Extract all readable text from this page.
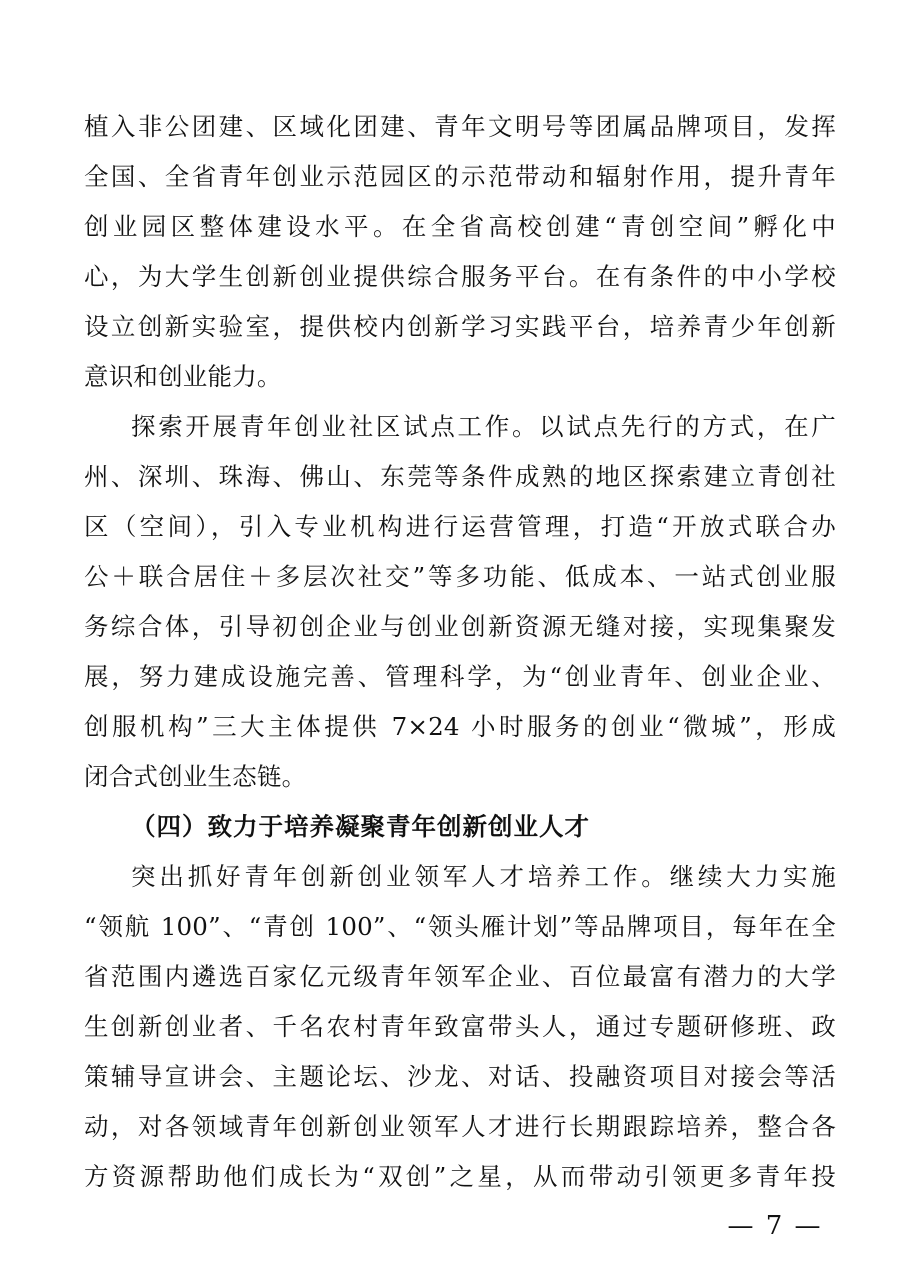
植入非公团建、区域化团建、青年文明号等团属品牌项目，发挥
全国、全省青年创业示范园区的示范带动和辐射作用，提升青年
创业园区整体建设水平。在全省高校创建“青创空间”孵化中
心，为大学生创新创业提供综合服务平台。在有条件的中小学校
设立创新实验室，提供校内创新学习实践平台，培养青少年创新
意识和创业能力。
探索开展青年创业社区试点工作。以试点先行的方式，在广
州、深圳、珠海、佛山、东莞等条件成熟的地区探索建立青创社
区（空间），引入专业机构进行运营管理，打造“开放式联合办
公＋联合居住＋多层次社交”等多功能、低成本、一站式创业服
务综合体，引导初创企业与创业创新资源无缝对接，实现集聚发
展，努力建成设施完善、管理科学，为“创业青年、创业企业、
创服机构”三大主体提供 7×24 小时服务的创业“微城”，形成
闭合式创业生态链。
（四）致力于培养凝聚青年创新创业人才
突出抓好青年创新创业领军人才培养工作。继续大力实施
“领航 100”、“青创 100”、“领头雁计划”等品牌项目，每年在全
省范围内遴选百家亿元级青年领军企业、百位最富有潜力的大学
生创新创业者、千名农村青年致富带头人，通过专题研修班、政
策辅导宣讲会、主题论坛、沙龙、对话、投融资项目对接会等活
动，对各领域青年创新创业领军人才进行长期跟踪培养，整合各
方资源帮助他们成长为“双创”之星，从而带动引领更多青年投
— 7 —
